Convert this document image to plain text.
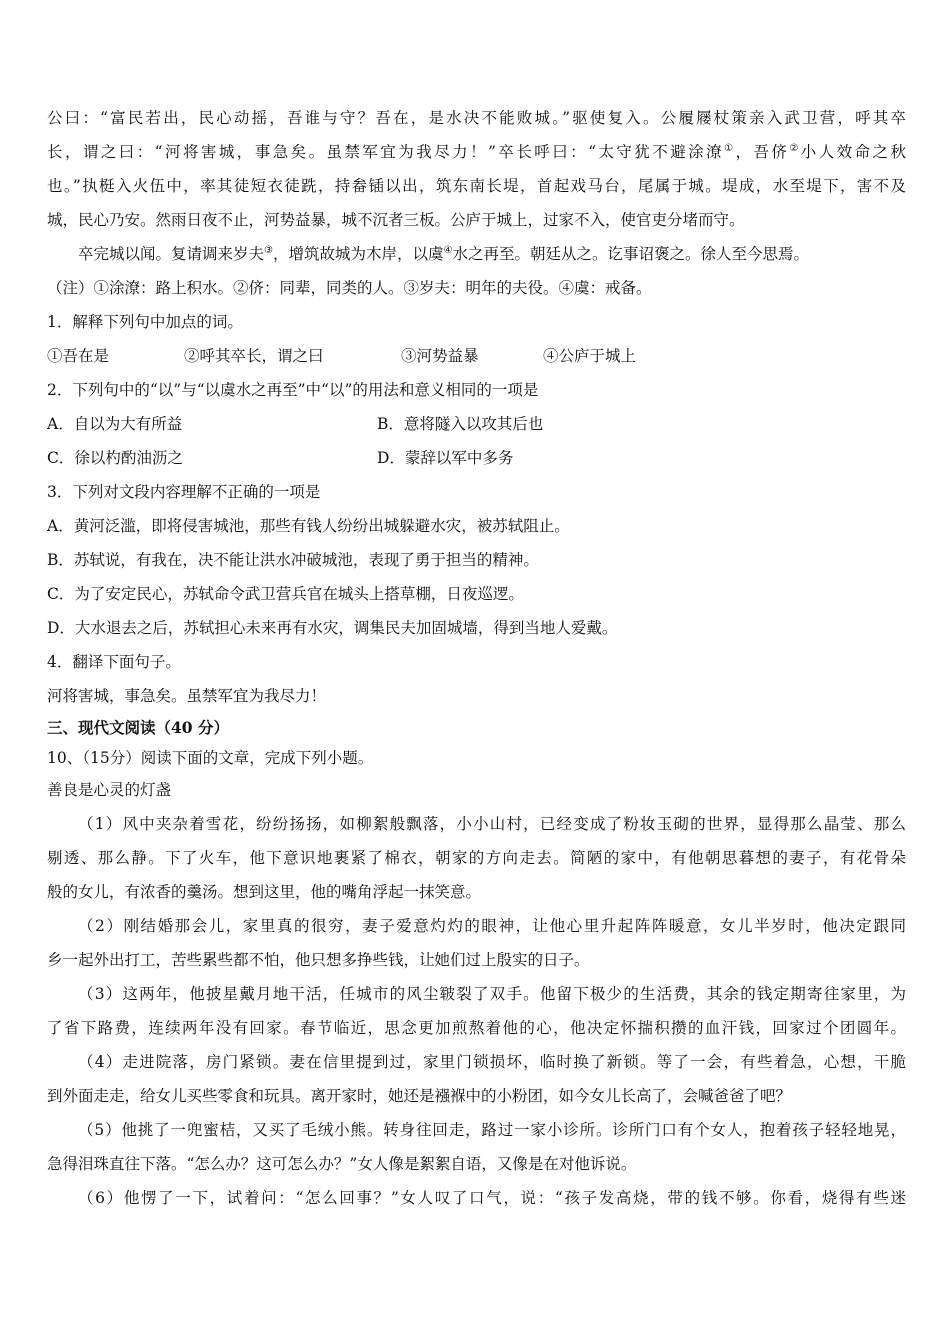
公曰：“富民若出，民心动摇，吾谁与守？吾在，是水决不能败城。”驱使复入。公履屦杖策亲入武卫营，呼其卒
长，谓之曰：“河将害城，事急矣。虽禁军宜为我尽力！”卒长呼曰：“太守犹不避涂潦①，吾侪②小人效命之秋
也。”执梃入火伍中，率其徒短衣徒跣，持畚锸以出，筑东南长堤，首起戏马台，尾属于城。堤成，水至堤下，害不及
城，民心乃安。然雨日夜不止，河势益暴，城不沉者三板。公庐于城上，过家不入，使官吏分堵而守。
卒完城以闻。复请调来岁夫③，增筑故城为木岸，以虞④水之再至。朝廷从之。讫事诏褒之。徐人至今思焉。
（注）①涂潦：路上积水。②侪：同辈，同类的人。③岁夫：明年的夫役。④虞：戒备。
1．解释下列句中加点的词。
①吾在是	②呼其卒长，谓之曰	③河势益暴	④公庐于城上
2．下列句中的“以”与“以虞水之再至”中“以”的用法和意义相同的一项是
A．自以为大有所益	B．意将隧入以攻其后也
C．徐以杓酌油沥之	D．蒙辞以军中多务
3．下列对文段内容理解不正确的一项是
A．黄河泛滥，即将侵害城池，那些有钱人纷纷出城躲避水灾，被苏轼阻止。
B．苏轼说，有我在，决不能让洪水冲破城池，表现了勇于担当的精神。
C．为了安定民心，苏轼命令武卫营兵官在城头上搭草棚，日夜巡逻。
D．大水退去之后，苏轼担心未来再有水灾，调集民夫加固城墙，得到当地人爱戴。
4．翻译下面句子。
河将害城，事急矣。虽禁军宜为我尽力！
三、现代文阅读（40 分）
10、（15分）阅读下面的文章，完成下列小题。
善良是心灵的灯盏
（1）风中夹杂着雪花，纷纷扬扬，如柳絮般飘落，小小山村，已经变成了粉妆玉砌的世界，显得那么晶莹、那么
剔透、那么静。下了火车，他下意识地裹紧了棉衣，朝家的方向走去。简陋的家中，有他朝思暮想的妻子，有花骨朵
般的女儿，有浓香的羹汤。想到这里，他的嘴角浮起一抹笑意。
（2）刚结婚那会儿，家里真的很穷，妻子爱意灼灼的眼神，让他心里升起阵阵暖意，女儿半岁时，他决定跟同
乡一起外出打工，苦些累些都不怕，他只想多挣些钱，让她们过上殷实的日子。
（3）这两年，他披星戴月地干活，任城市的风尘皲裂了双手。他留下极少的生活费，其余的钱定期寄往家里，为
了省下路费，连续两年没有回家。春节临近，思念更加煎熬着他的心，他决定怀揣积攒的血汗钱，回家过个团圆年。
（4）走进院落，房门紧锁。妻在信里提到过，家里门锁损坏，临时换了新锁。等了一会，有些着急，心想，干脆
到外面走走，给女儿买些零食和玩具。离开家时，她还是襁褓中的小粉团，如今女儿长高了，会喊爸爸了吧？
（5）他挑了一兜蜜桔，又买了毛绒小熊。转身往回走，路过一家小诊所。诊所门口有个女人，抱着孩子轻轻地晃，
急得泪珠直往下落。“怎么办？这可怎么办？”女人像是絮絮自语，又像是在对他诉说。
（6）他愣了一下，试着问：“怎么回事？”女人叹了口气，说：“孩子发高烧，带的钱不够。你看，烧得有些迷
